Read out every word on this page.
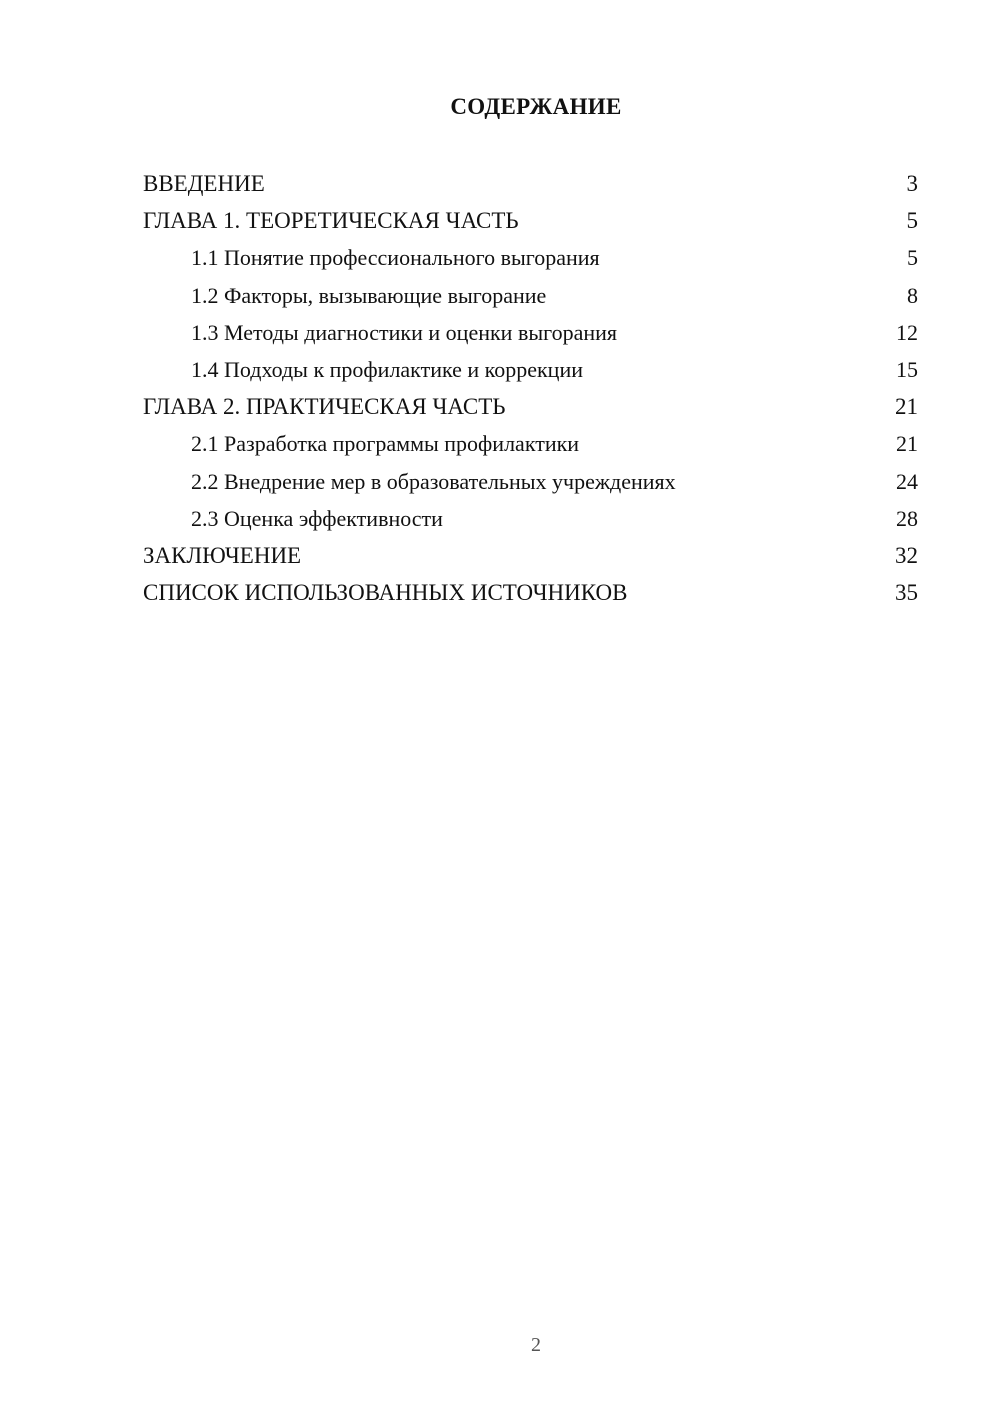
СОДЕРЖАНИЕ
ВВЕДЕНИЕ	3
ГЛАВА 1. ТЕОРЕТИЧЕСКАЯ ЧАСТЬ	5
1.1 Понятие профессионального выгорания	5
1.2 Факторы, вызывающие выгорание	8
1.3 Методы диагностики и оценки выгорания	12
1.4 Подходы к профилактике и коррекции	15
ГЛАВА 2. ПРАКТИЧЕСКАЯ ЧАСТЬ	21
2.1 Разработка программы профилактики	21
2.2 Внедрение мер в образовательных учреждениях	24
2.3 Оценка эффективности	28
ЗАКЛЮЧЕНИЕ	32
СПИСОК ИСПОЛЬЗОВАННЫХ ИСТОЧНИКОВ	35
2
